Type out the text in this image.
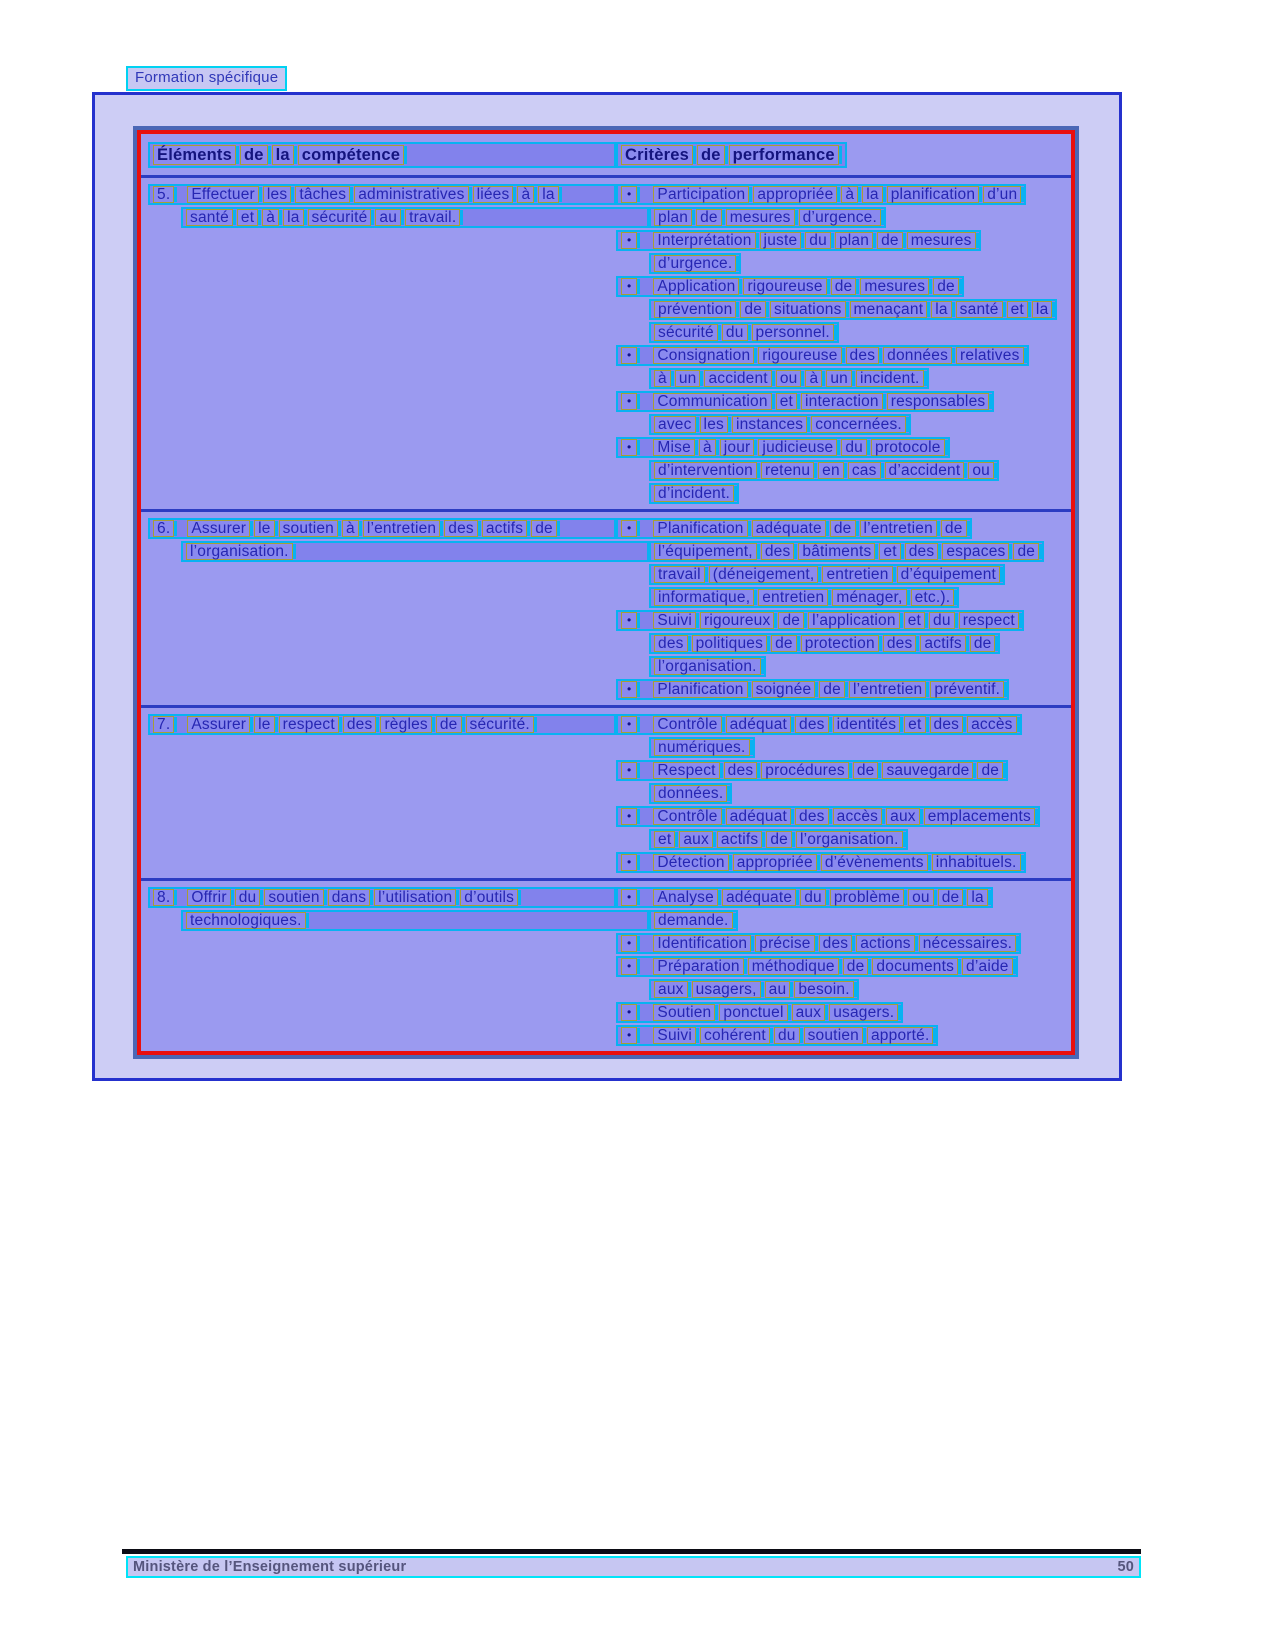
Formation spécifique
Éléments de la compétence	Critères de performance
5. Effectuer les tâches administratives liées à la
santé et à la sécurité au travail.
•	Participation appropriée à la planification d’un
plan de mesures d’urgence.
•	Interprétation juste du plan de mesures
d’urgence.
•	Application rigoureuse de mesures de
prévention de situations menaçant la santé et la
sécurité du personnel.
•	Consignation rigoureuse des données relatives
à un accident ou à un incident.
•	Communication et interaction responsables
avec les instances concernées.
•	Mise à jour judicieuse du protocole
d’intervention retenu en cas d’accident ou
d’incident.
6. Assurer le soutien à l’entretien des actifs de
l’organisation.
•	Planification adéquate de l’entretien de
l’équipement, des bâtiments et des espaces de
travail (déneigement, entretien d’équipement
informatique, entretien ménager, etc.).
•	Suivi rigoureux de l’application et du respect
des politiques de protection des actifs de
l’organisation.
•	Planification soignée de l’entretien préventif.
7. Assurer le respect des règles de sécurité.	•	Contrôle adéquat des identités et des accès
numériques.
•	Respect des procédures de sauvegarde de
données.
•	Contrôle adéquat des accès aux emplacements
et aux actifs de l’organisation.
•	Détection appropriée d’évènements inhabituels.
8. Offrir du soutien dans l’utilisation d’outils
technologiques.
•	Analyse adéquate du problème ou de la
demande.
•	Identification précise des actions nécessaires.
•	Préparation méthodique de documents d’aide
aux usagers, au besoin.
•	Soutien ponctuel aux usagers.
•	Suivi cohérent du soutien apporté.
Ministère de l’Enseignement supérieur	50
